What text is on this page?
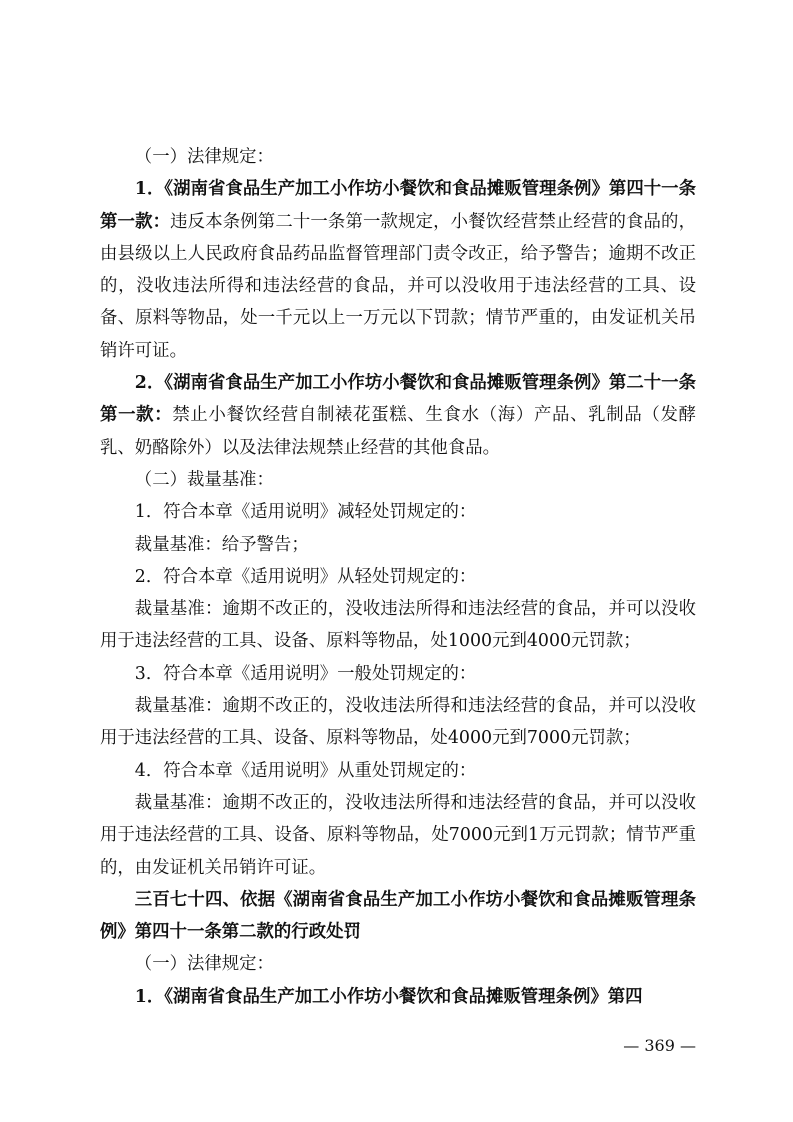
（一）法律规定：

1．《湖南省食品生产加工小作坊小餐饮和食品摊贩管理条例》第四十一条第一款：违反本条例第二十一条第一款规定，小餐饮经营禁止经营的食品的，由县级以上人民政府食品药品监督管理部门责令改正，给予警告；逾期不改正的，没收违法所得和违法经营的食品，并可以没收用于违法经营的工具、设备、原料等物品，处一千元以上一万元以下罚款；情节严重的，由发证机关吊销许可证。

2．《湖南省食品生产加工小作坊小餐饮和食品摊贩管理条例》第二十一条第一款：禁止小餐饮经营自制裱花蛋糕、生食水（海）产品、乳制品（发酵乳、奶酪除外）以及法律法规禁止经营的其他食品。

（二）裁量基准：

1．符合本章《适用说明》减轻处罚规定的：

裁量基准：给予警告；

2．符合本章《适用说明》从轻处罚规定的：

裁量基准：逾期不改正的，没收违法所得和违法经营的食品，并可以没收用于违法经营的工具、设备、原料等物品，处1000元到4000元罚款；

3．符合本章《适用说明》一般处罚规定的：

裁量基准：逾期不改正的，没收违法所得和违法经营的食品，并可以没收用于违法经营的工具、设备、原料等物品，处4000元到7000元罚款；

4．符合本章《适用说明》从重处罚规定的：

裁量基准：逾期不改正的，没收违法所得和违法经营的食品，并可以没收用于违法经营的工具、设备、原料等物品，处7000元到1万元罚款；情节严重的，由发证机关吊销许可证。

三百七十四、依据《湖南省食品生产加工小作坊小餐饮和食品摊贩管理条例》第四十一条第二款的行政处罚

（一）法律规定：

1．《湖南省食品生产加工小作坊小餐饮和食品摊贩管理条例》第四

— 369 —
